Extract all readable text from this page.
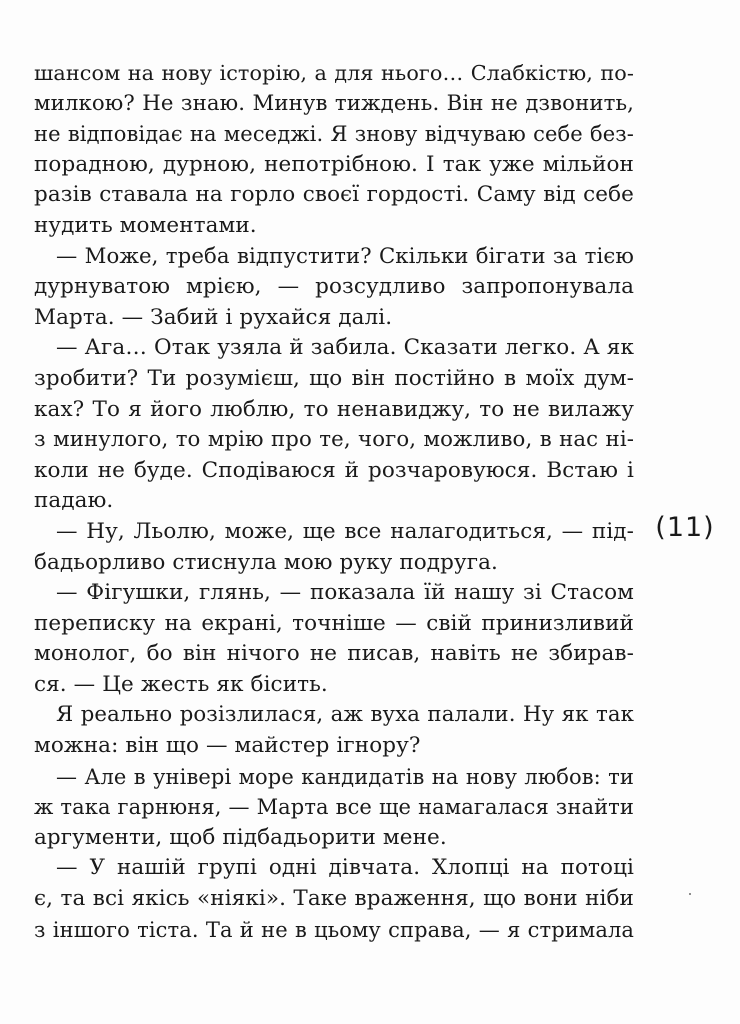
шансом на нову історію, а для нього… Слабкістю, по-
милкою? Не знаю. Минув тиждень. Він не дзвонить,
не відповідає на меседжі. Я знову відчуваю себе без-
порадною, дурною, непотрібною. І так уже мільйон
разів ставала на горло своєї гордості. Саму від себе
нудить моментами.
— Може, треба відпустити? Скільки бігати за тією
дурнуватою мрією, — розсудливо запропонувала
Марта. — Забий і рухайся далі.
— Ага… Отак узяла й забила. Сказати легко. А як
зробити? Ти розумієш, що він постійно в моїх дум-
ках? То я його люблю, то ненавиджу, то не вилажу
з минулого, то мрію про те, чого, можливо, в нас ні-
коли не буде. Сподіваюся й розчаровуюся. Встаю і
падаю.
— Ну, Льолю, може, ще все налагодиться, — під-
бадьорливо стиснула мою руку подруга.
— Фігушки, глянь, — показала їй нашу зі Стасом
переписку на екрані, точніше — свій принизливий
монолог, бо він нічого не писав, навіть не збирав-
ся. — Це жесть як бісить.
Я реально розізлилася, аж вуха палали. Ну як так
можна: він що — майстер ігнору?
— Але в універі море кандидатів на нову любов: ти
ж така гарнюня, — Марта все ще намагалася знайти
аргументи, щоб підбадьорити мене.
— У нашій групі одні дівчата. Хлопці на потоці
є, та всі якісь «ніякі». Таке враження, що вони ніби
з іншого тіста. Та й не в цьому справа, — я стримала
(11)
